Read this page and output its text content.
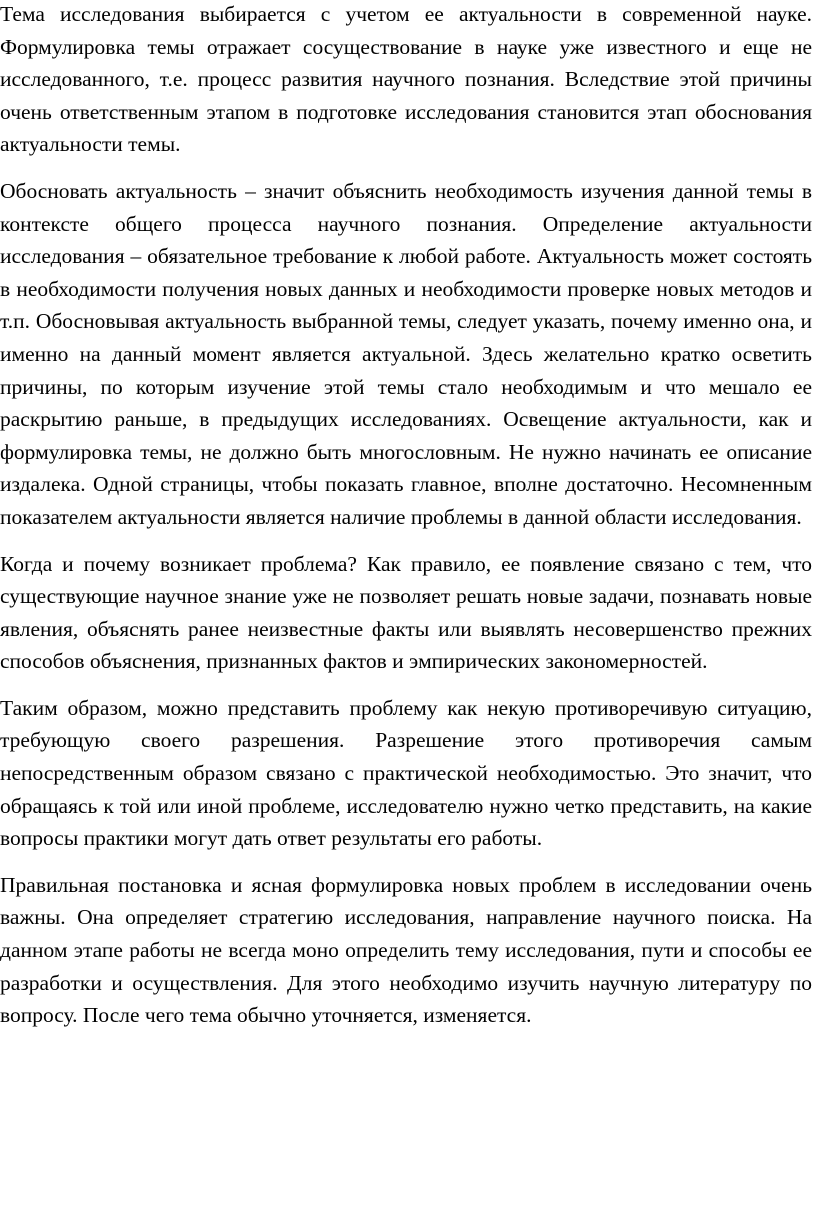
Тема исследования выбирается с учетом ее актуальности в современной науке. Формулировка темы отражает сосуществование в науке уже известного и еще не исследованного, т.е. процесс развития научного познания. Вследствие этой причины очень ответственным этапом в подготовке исследования становится этап обоснования актуальности темы.

Обосновать актуальность – значит объяснить необходимость изучения данной темы в контексте общего процесса научного познания. Определение актуальности исследования – обязательное требование к любой работе. Актуальность может состоять в необходимости получения новых данных и необходимости проверке новых методов и т.п. Обосновывая актуальность выбранной темы, следует указать, почему именно она, и именно на данный момент является актуальной. Здесь желательно кратко осветить причины, по которым изучение этой темы стало необходимым и что мешало ее раскрытию раньше, в предыдущих исследованиях. Освещение актуальности, как и формулировка темы, не должно быть многословным. Не нужно начинать ее описание издалека. Одной страницы, чтобы показать главное, вполне достаточно. Несомненным показателем актуальности является наличие проблемы в данной области исследования.

Когда и почему возникает проблема? Как правило, ее появление связано с тем, что существующие научное знание уже не позволяет решать новые задачи, познавать новые явления, объяснять ранее неизвестные факты или выявлять несовершенство прежних способов объяснения, признанных фактов и эмпирических закономерностей.

Таким образом, можно представить проблему как некую противоречивую ситуацию, требующую своего разрешения. Разрешение этого противоречия самым непосредственным образом связано с практической необходимостью. Это значит, что обращаясь к той или иной проблеме, исследователю нужно четко представить, на какие вопросы практики могут дать ответ результаты его работы.

Правильная постановка и ясная формулировка новых проблем в исследовании очень важны. Она определяет стратегию исследования, направление научного поиска. На данном этапе работы не всегда моно определить тему исследования, пути и способы ее разработки и осуществления. Для этого необходимо изучить научную литературу по вопросу. После чего тема обычно уточняется, изменяется.
